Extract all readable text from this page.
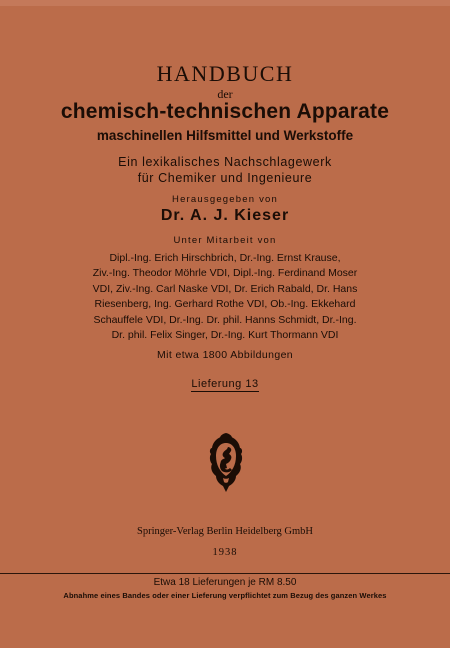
HANDBUCH
der
chemisch-technischen Apparate
maschinellen Hilfsmittel und Werkstoffe
Ein lexikalisches Nachschlagewerk
für Chemiker und Ingenieure
Herausgegeben von
Dr. A. J. Kieser
Unter Mitarbeit von
Dipl.-Ing. Erich Hirschbrich, Dr.-Ing. Ernst Krause,
Ziv.-Ing. Theodor Möhrle VDI, Dipl.-Ing. Ferdinand Moser
VDI, Ziv.-Ing. Carl Naske VDI, Dr. Erich Rabald, Dr. Hans
Riesenberg, Ing. Gerhard Rothe VDI, Ob.-Ing. Ekkehard
Schauffele VDI, Dr.-Ing. Dr. phil. Hanns Schmidt, Dr.-Ing.
Dr. phil. Felix Singer, Dr.-Ing. Kurt Thormann VDI
Mit etwa 1800 Abbildungen
Lieferung 13
Springer-Verlag Berlin Heidelberg GmbH
1938
Etwa 18 Lieferungen je RM 8.50
Abnahme eines Bandes oder einer Lieferung verpflichtet zum Bezug des ganzen Werkes
